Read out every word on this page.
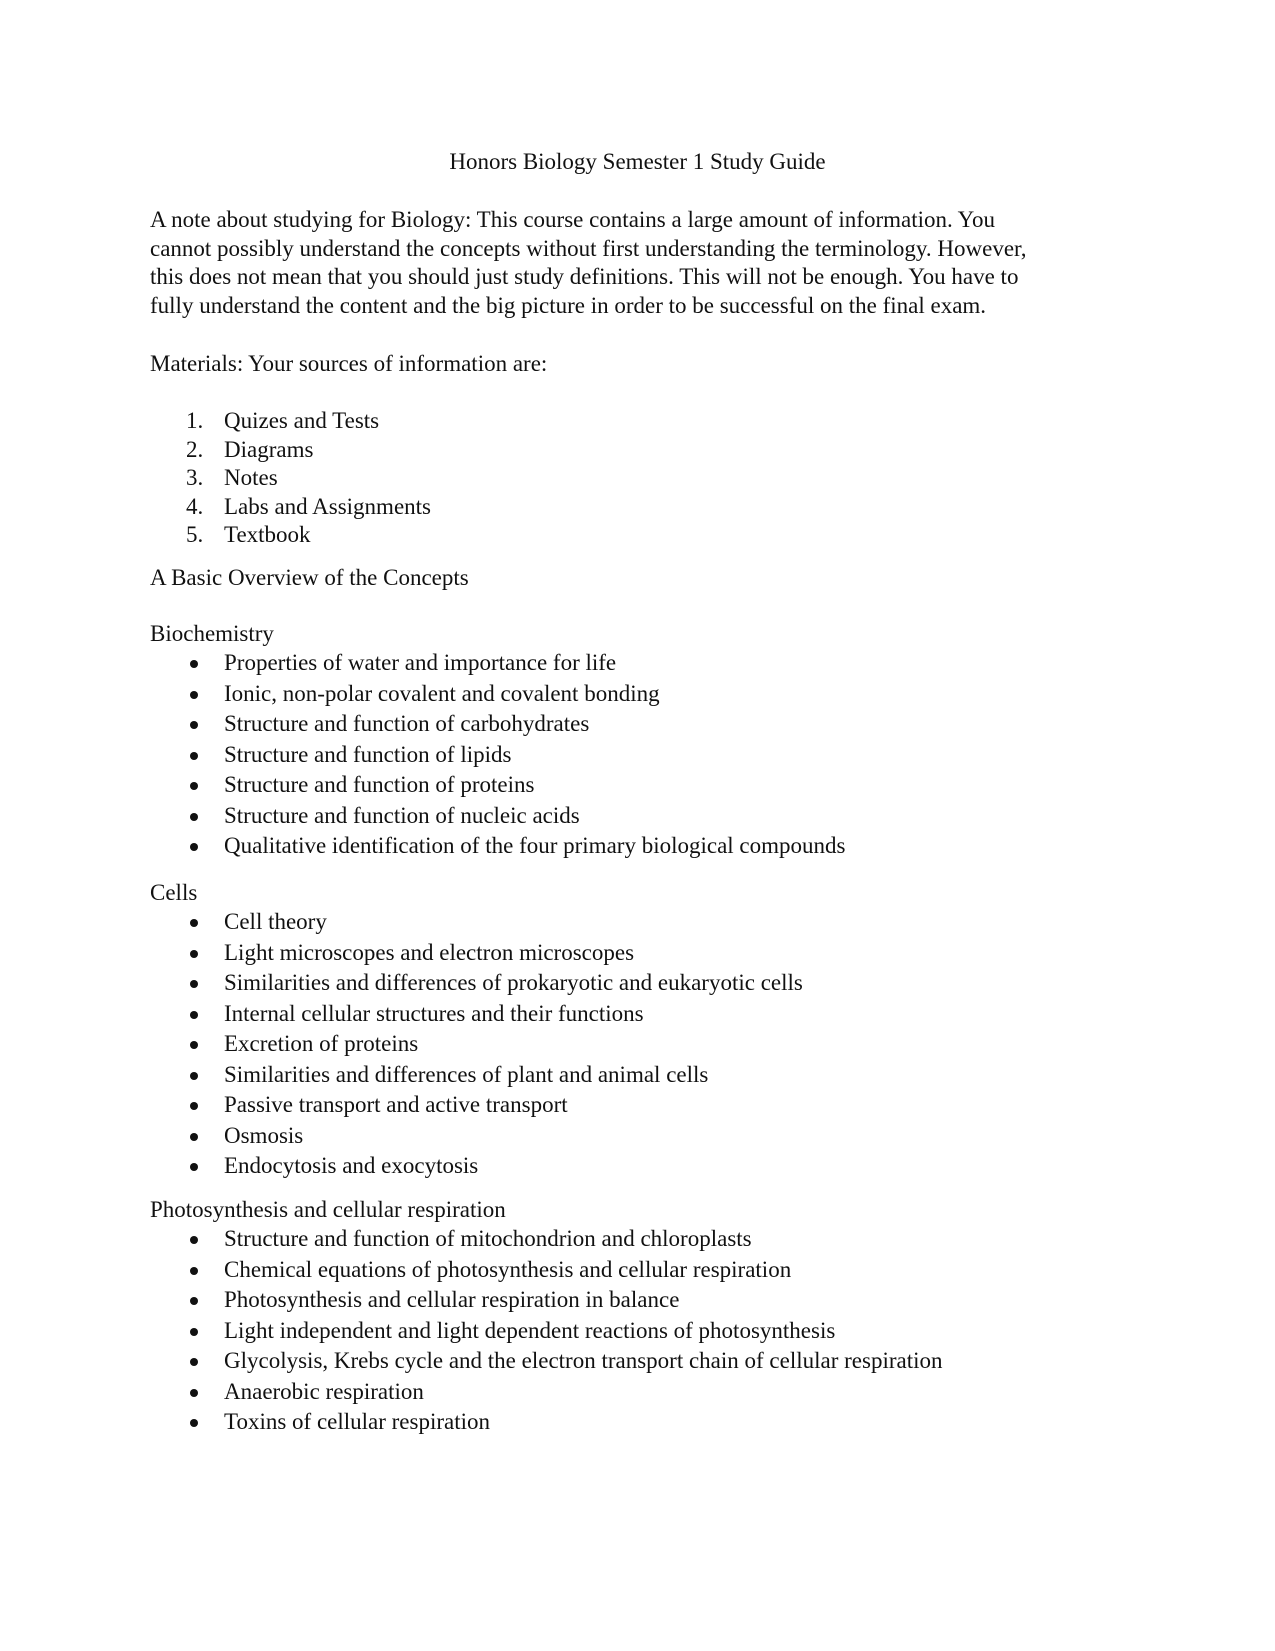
Honors Biology Semester 1 Study Guide

A note about studying for Biology: This course contains a large amount of information. You
cannot possibly understand the concepts without first understanding the terminology. However,
this does not mean that you should just study definitions. This will not be enough. You have to
fully understand the content and the big picture in order to be successful on the final exam.

Materials: Your sources of information are:
1. Quizes and Tests
2. Diagrams
3. Notes
4. Labs and Assignments
5. Textbook
A Basic Overview of the Concepts
Biochemistry
Properties of water and importance for life
Ionic, non-polar covalent and covalent bonding
Structure and function of carbohydrates
Structure and function of lipids
Structure and function of proteins
Structure and function of nucleic acids
Qualitative identification of the four primary biological compounds
Cells
Cell theory
Light microscopes and electron microscopes
Similarities and differences of prokaryotic and eukaryotic cells
Internal cellular structures and their functions
Excretion of proteins
Similarities and differences of plant and animal cells
Passive transport and active transport
Osmosis
Endocytosis and exocytosis
Photosynthesis and cellular respiration
Structure and function of mitochondrion and chloroplasts
Chemical equations of photosynthesis and cellular respiration
Photosynthesis and cellular respiration in balance
Light independent and light dependent reactions of photosynthesis
Glycolysis, Krebs cycle and the electron transport chain of cellular respiration
Anaerobic respiration
Toxins of cellular respiration
